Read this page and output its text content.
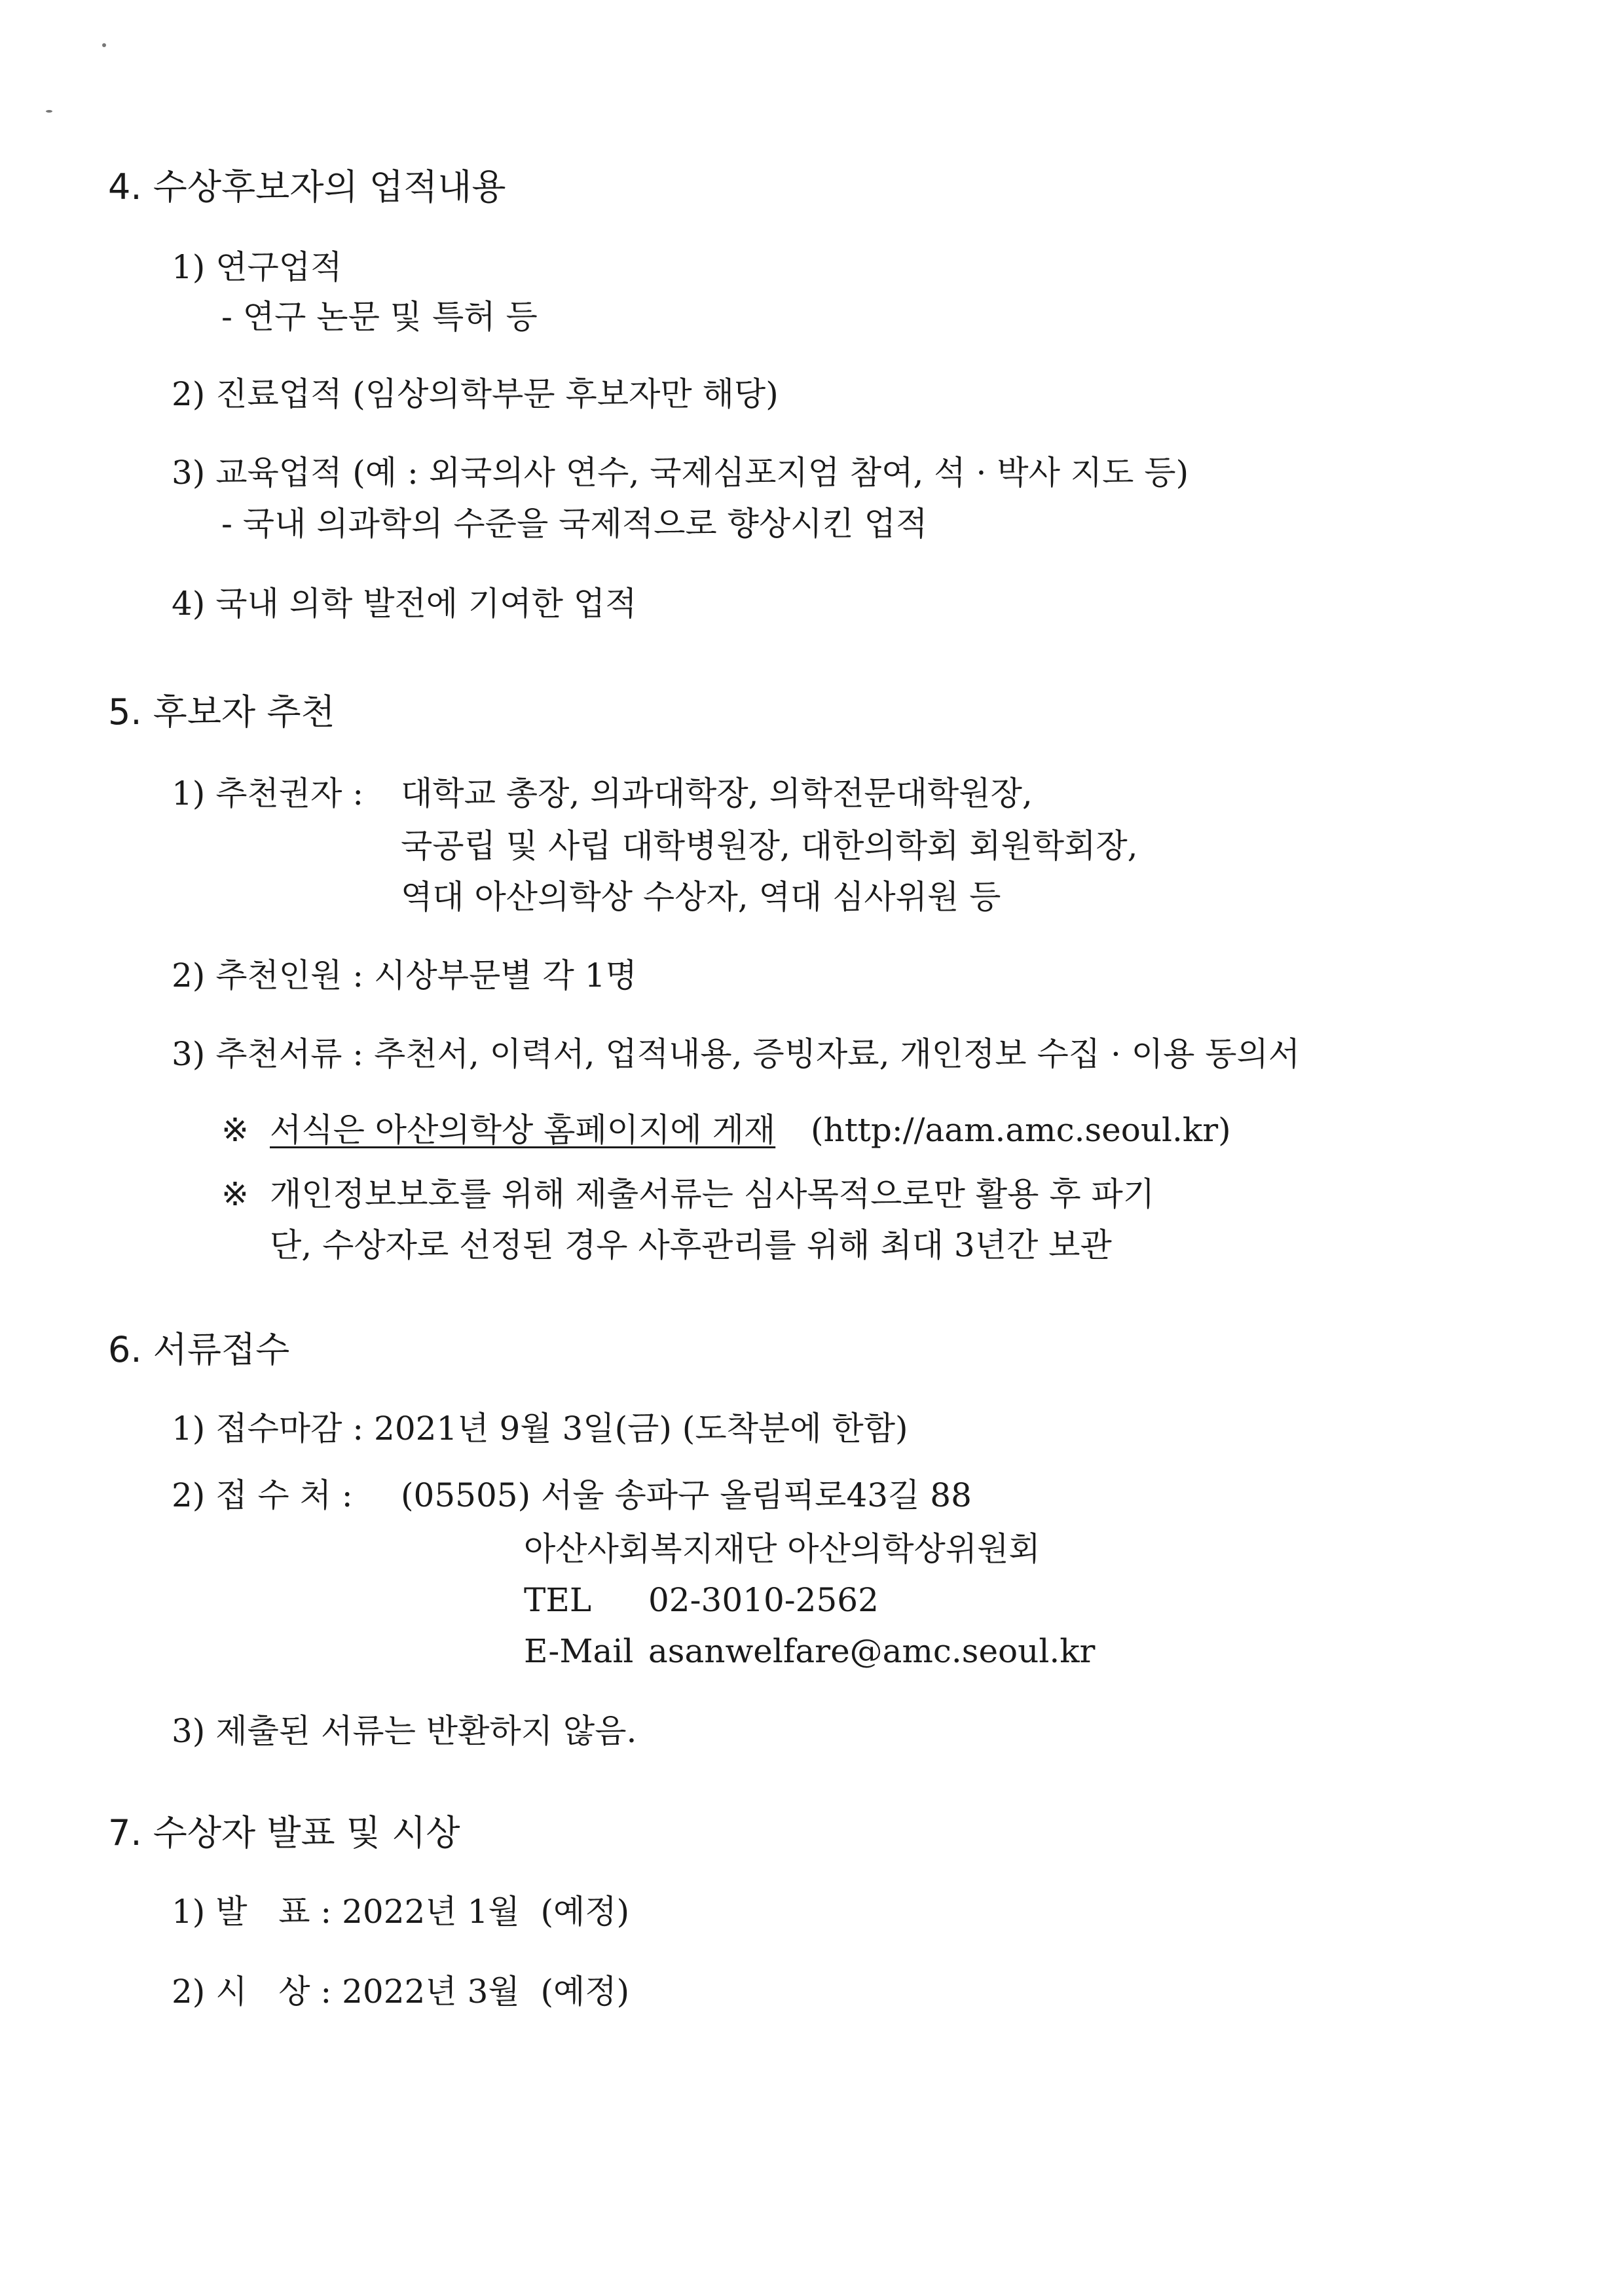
4. 수상후보자의 업적내용
1) 연구업적
- 연구 논문 및 특허 등
2) 진료업적 (임상의학부문 후보자만 해당)
3) 교육업적 (예 : 외국의사 연수, 국제심포지엄 참여, 석 · 박사 지도 등)
- 국내 의과학의 수준을 국제적으로 향상시킨 업적
4) 국내 의학 발전에 기여한 업적
5. 후보자 추천
1) 추천권자 : 대학교 총장, 의과대학장, 의학전문대학원장,
국공립 및 사립 대학병원장, 대한의학회 회원학회장,
역대 아산의학상 수상자, 역대 심사위원 등
2) 추천인원 : 시상부문별 각 1명
3) 추천서류 : 추천서, 이력서, 업적내용, 증빙자료, 개인정보 수집 · 이용 동의서
※ 서식은 아산의학상 홈페이지에 게재 (http://aam.amc.seoul.kr)
※ 개인정보보호를 위해 제출서류는 심사목적으로만 활용 후 파기
단, 수상자로 선정된 경우 사후관리를 위해 최대 3년간 보관
6. 서류접수
1) 접수마감 : 2021년 9월 3일(금) (도착분에 한함)
2) 접 수 처 : (05505) 서울 송파구 올림픽로43길 88
아산사회복지재단 아산의학상위원회
TEL 02-3010-2562
E-Mail asanwelfare@amc.seoul.kr
3) 제출된 서류는 반환하지 않음.
7. 수상자 발표 및 시상
1) 발   표 : 2022년 1월  (예정)
2) 시   상 : 2022년 3월  (예정)
